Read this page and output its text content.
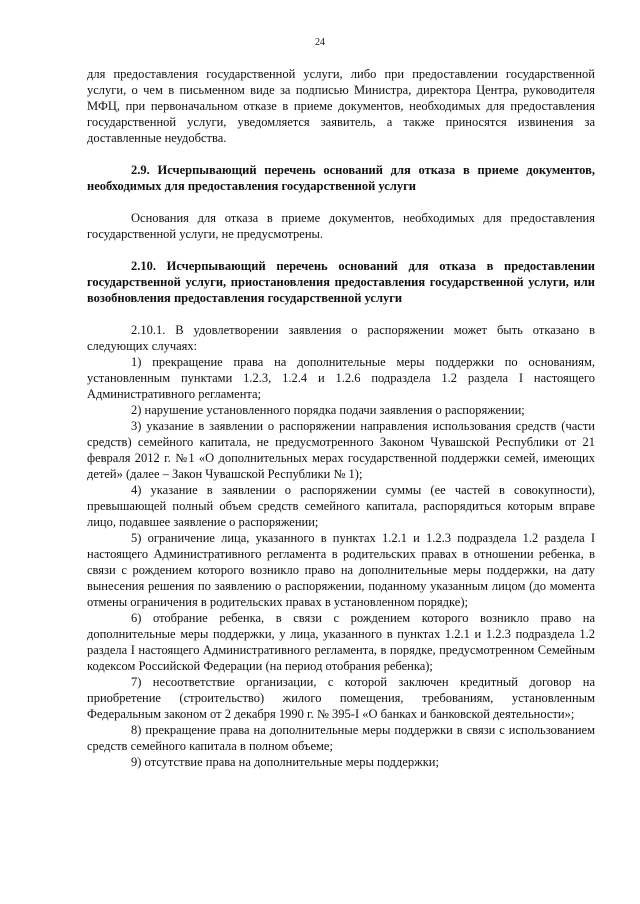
24

для предоставления государственной услуги, либо при предоставлении государственной услуги, о чем в письменном виде за подписью Министра, директора Центра, руководителя МФЦ, при первоначальном отказе в приеме документов, необходимых для предоставления государственной услуги, уведомляется заявитель, а также приносятся извинения за доставленные неудобства.

2.9. Исчерпывающий перечень оснований для отказа в приеме документов, необходимых для предоставления государственной услуги

Основания для отказа в приеме документов, необходимых для предоставления государственной услуги, не предусмотрены.

2.10. Исчерпывающий перечень оснований для отказа в предоставлении государственной услуги, приостановления предоставления государственной услуги, или возобновления предоставления государственной услуги

2.10.1. В удовлетворении заявления о распоряжении может быть отказано в следующих случаях:

1) прекращение права на дополнительные меры поддержки по основаниям, установленным пунктами 1.2.3, 1.2.4 и 1.2.6 подраздела 1.2 раздела I настоящего Административного регламента;

2) нарушение установленного порядка подачи заявления о распоряжении;

3) указание в заявлении о распоряжении направления использования средств (части средств) семейного капитала, не предусмотренного Законом Чувашской Республики от 21 февраля 2012 г. №1 «О дополнительных мерах государственной поддержки семей, имеющих детей» (далее – Закон Чувашской Республики № 1);

4) указание в заявлении о распоряжении суммы (ее частей в совокупности), превышающей полный объем средств семейного капитала, распорядиться которым вправе лицо, подавшее заявление о распоряжении;

5) ограничение лица, указанного в пунктах 1.2.1 и 1.2.3 подраздела 1.2 раздела I настоящего Административного регламента в родительских правах в отношении ребенка, в связи с рождением которого возникло право на дополнительные меры поддержки, на дату вынесения решения по заявлению о распоряжении, поданному указанным лицом (до момента отмены ограничения в родительских правах в установленном порядке);

6) отобрание ребенка, в связи с рождением которого возникло право на дополнительные меры поддержки, у лица, указанного в пунктах 1.2.1 и 1.2.3 подраздела 1.2 раздела I настоящего Административного регламента, в порядке, предусмотренном Семейным кодексом Российской Федерации (на период отобрания ребенка);

7) несоответствие организации, с которой заключен кредитный договор на приобретение (строительство) жилого помещения, требованиям, установленным Федеральным законом от 2 декабря 1990 г. № 395-I «О банках и банковской деятельности»;

8) прекращение права на дополнительные меры поддержки в связи с использованием средств семейного капитала в полном объеме;

9) отсутствие права на дополнительные меры поддержки;
